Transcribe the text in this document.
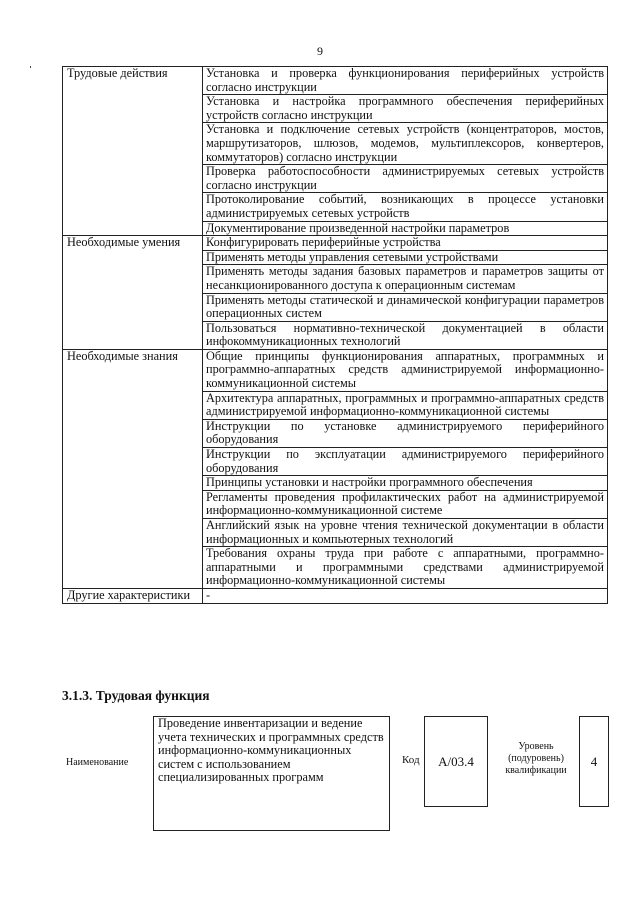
9
Трудовые действия	Установка и проверка функционирования периферийных устройств согласно инструкции
	Установка и настройка программного обеспечения периферийных устройств согласно инструкции
	Установка и подключение сетевых устройств (концентраторов, мостов, маршрутизаторов, шлюзов, модемов, мультиплексоров, конвертеров, коммутаторов) согласно инструкции
	Проверка работоспособности администрируемых сетевых устройств согласно инструкции
	Протоколирование событий, возникающих в процессе установки администрируемых сетевых устройств
	Документирование произведенной настройки параметров
Необходимые умения	Конфигурировать периферийные устройства
	Применять методы управления сетевыми устройствами
	Применять методы задания базовых параметров и параметров защиты от несанкционированного доступа к операционным системам
	Применять методы статической и динамической конфигурации параметров операционных систем
	Пользоваться нормативно-технической документацией в области инфокоммуникационных технологий
Необходимые знания	Общие принципы функционирования аппаратных, программных и программно-аппаратных средств администрируемой информационно-коммуникационной системы
	Архитектура аппаратных, программных и программно-аппаратных средств администрируемой информационно-коммуникационной системы
	Инструкции по установке администрируемого периферийного оборудования
	Инструкции по эксплуатации администрируемого периферийного оборудования
	Принципы установки и настройки программного обеспечения
	Регламенты проведения профилактических работ на администрируемой информационно-коммуникационной системе
	Английский язык на уровне чтения технической документации в области информационных и компьютерных технологий
	Требования охраны труда при работе с аппаратными, программно-аппаратными и программными средствами администрируемой информационно-коммуникационной системы
Другие характеристики	-
3.1.3. Трудовая функция
Наименование
Проведение инвентаризации и ведение учета технических и программных средств информационно-коммуникационных систем с использованием специализированных программ
Код	А/03.4
Уровень (подуровень) квалификации
4
